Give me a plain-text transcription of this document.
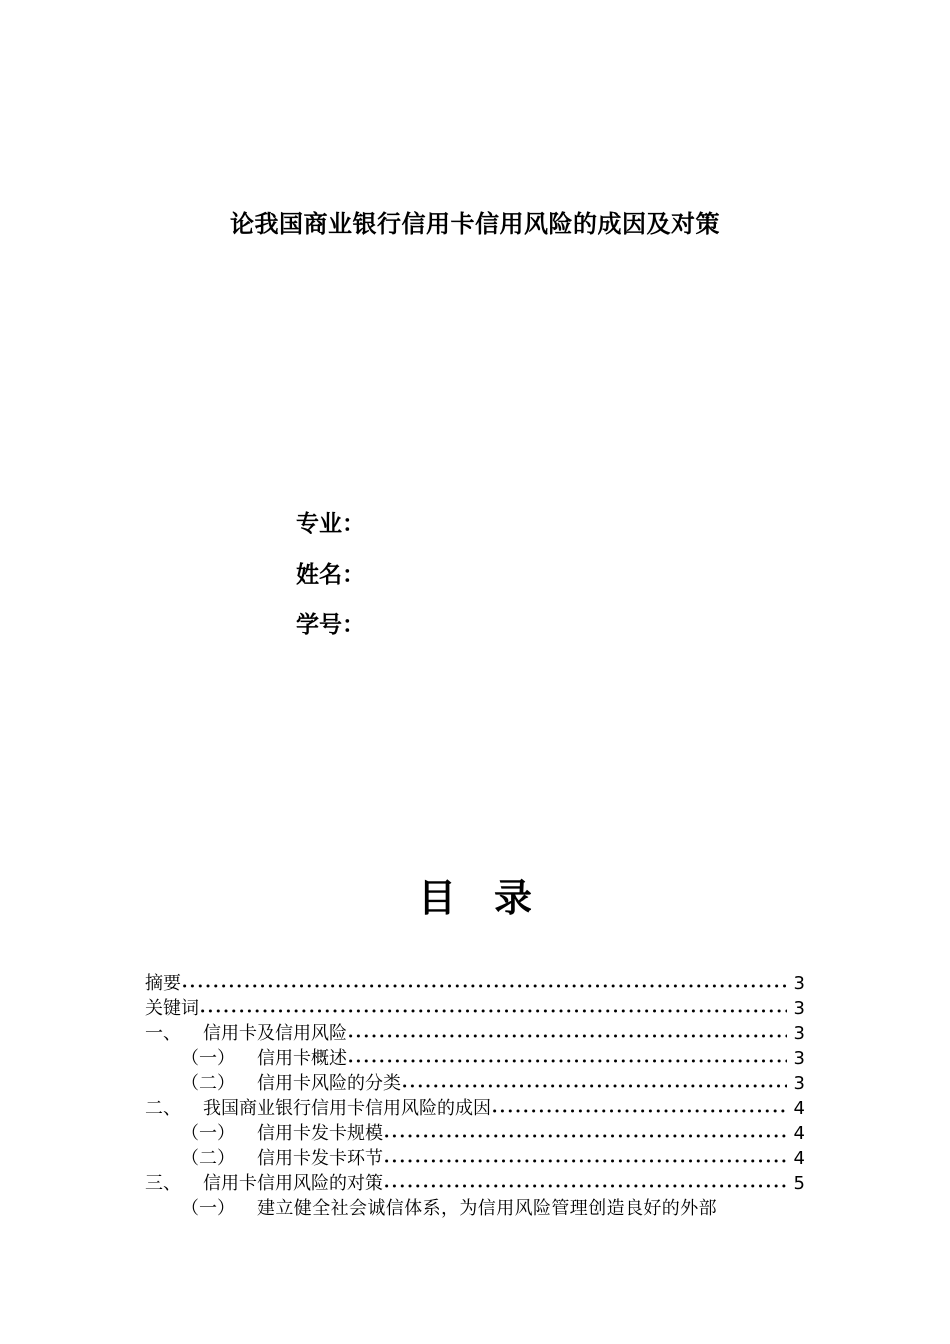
论我国商业银行信用卡信用风险的成因及对策
专业：
姓名：
学号：
目 录
摘要 ●●●●●●●●●●●●●●●●●●●●●●●●●●●●●●●●●●●●●●●●●●●●●●●●●●●●●●●●●●●●●●●●●●●●●●●●●●●●●●●●●●●●●●●●●●●●●●●	3
关键词 ●●●●●●●●●●●●●●●●●●●●●●●●●●●●●●●●●●●●●●●●●●●●●●●●●●●●●●●●●●●●●●●●●●●●●●●●●●●●●●●●●●●●●●●●●●●●●●●	3
一、 信用卡及信用风险 ●●●●●●●●●●●●●●●●●●●●●●●●●●●●●●●●●●●●●●●●●●●●●●●●●●●●●●●●●●●●●●●●●●●●●●●●●●●●●●●●●●●●●●●●●●●●●●●	3
（一） 信用卡概述 ●●●●●●●●●●●●●●●●●●●●●●●●●●●●●●●●●●●●●●●●●●●●●●●●●●●●●●●●●●●●●●●●●●●●●●●●●●●●●●●●●●●●●●●●●●●●●●●	3
（二） 信用卡风险的分类 ●●●●●●●●●●●●●●●●●●●●●●●●●●●●●●●●●●●●●●●●●●●●●●●●●●●●●●●●●●●●●●●●●●●●●●●●●●●●●●●●●●●●●●●●●●●●●●●	3
二、 我国商业银行信用卡信用风险的成因 ●●●●●●●●●●●●●●●●●●●●●●●●●●●●●●●●●●●●●●●●●●●●●●●●●●●●●●●●●●●●●●●●●●●●●●●●●●●●●●●●●●●●●●●●●●●●●●●	4
（一） 信用卡发卡规模 ●●●●●●●●●●●●●●●●●●●●●●●●●●●●●●●●●●●●●●●●●●●●●●●●●●●●●●●●●●●●●●●●●●●●●●●●●●●●●●●●●●●●●●●●●●●●●●●	4
（二） 信用卡发卡环节 ●●●●●●●●●●●●●●●●●●●●●●●●●●●●●●●●●●●●●●●●●●●●●●●●●●●●●●●●●●●●●●●●●●●●●●●●●●●●●●●●●●●●●●●●●●●●●●●	4
三、 信用卡信用风险的对策 ●●●●●●●●●●●●●●●●●●●●●●●●●●●●●●●●●●●●●●●●●●●●●●●●●●●●●●●●●●●●●●●●●●●●●●●●●●●●●●●●●●●●●●●●●●●●●●●	5
（一） 建立健全社会诚信体系，为信用风险管理创造良好的外部
